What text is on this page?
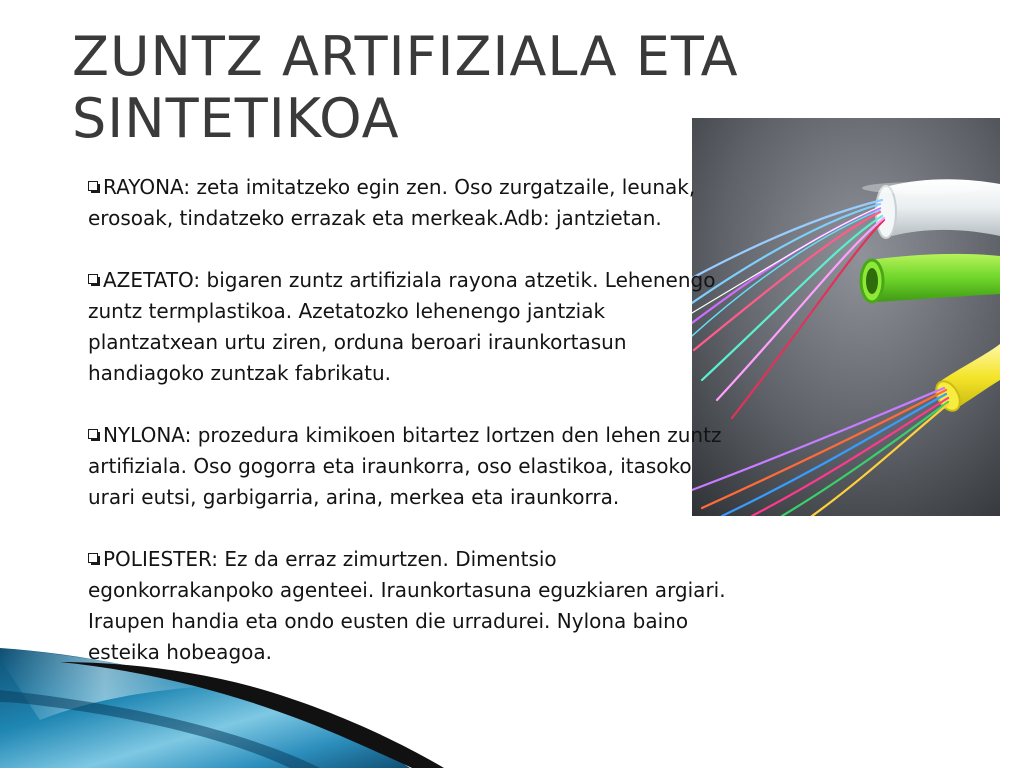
ZUNTZ ARTIFIZIALA ETA SINTETIKOA

RAYONA: zeta imitatzeko egin zen. Oso zurgatzaile, leunak, erosoak, tindatzeko errazak eta merkeak.Adb: jantzietan.

AZETATO: bigaren zuntz artifiziala rayona atzetik. Lehenengo zuntz termplastikoa. Azetatozko lehenengo jantziak plantzatxean urtu ziren, orduna beroari iraunkortasun handiagoko zuntzak fabrikatu.

NYLONA: prozedura kimikoen bitartez lortzen den lehen zuntz artifiziala. Oso gogorra eta iraunkorra, oso elastikoa, itasoko urari eutsi, garbigarria, arina, merkea eta iraunkorra.

POLIESTER: Ez da erraz zimurtzen. Dimentsio egonkorrakanpoko agenteei. Iraunkortasuna eguzkiaren argiari. Iraupen handia eta ondo eusten die urradurei. Nylona baino esteika hobeagoa.
